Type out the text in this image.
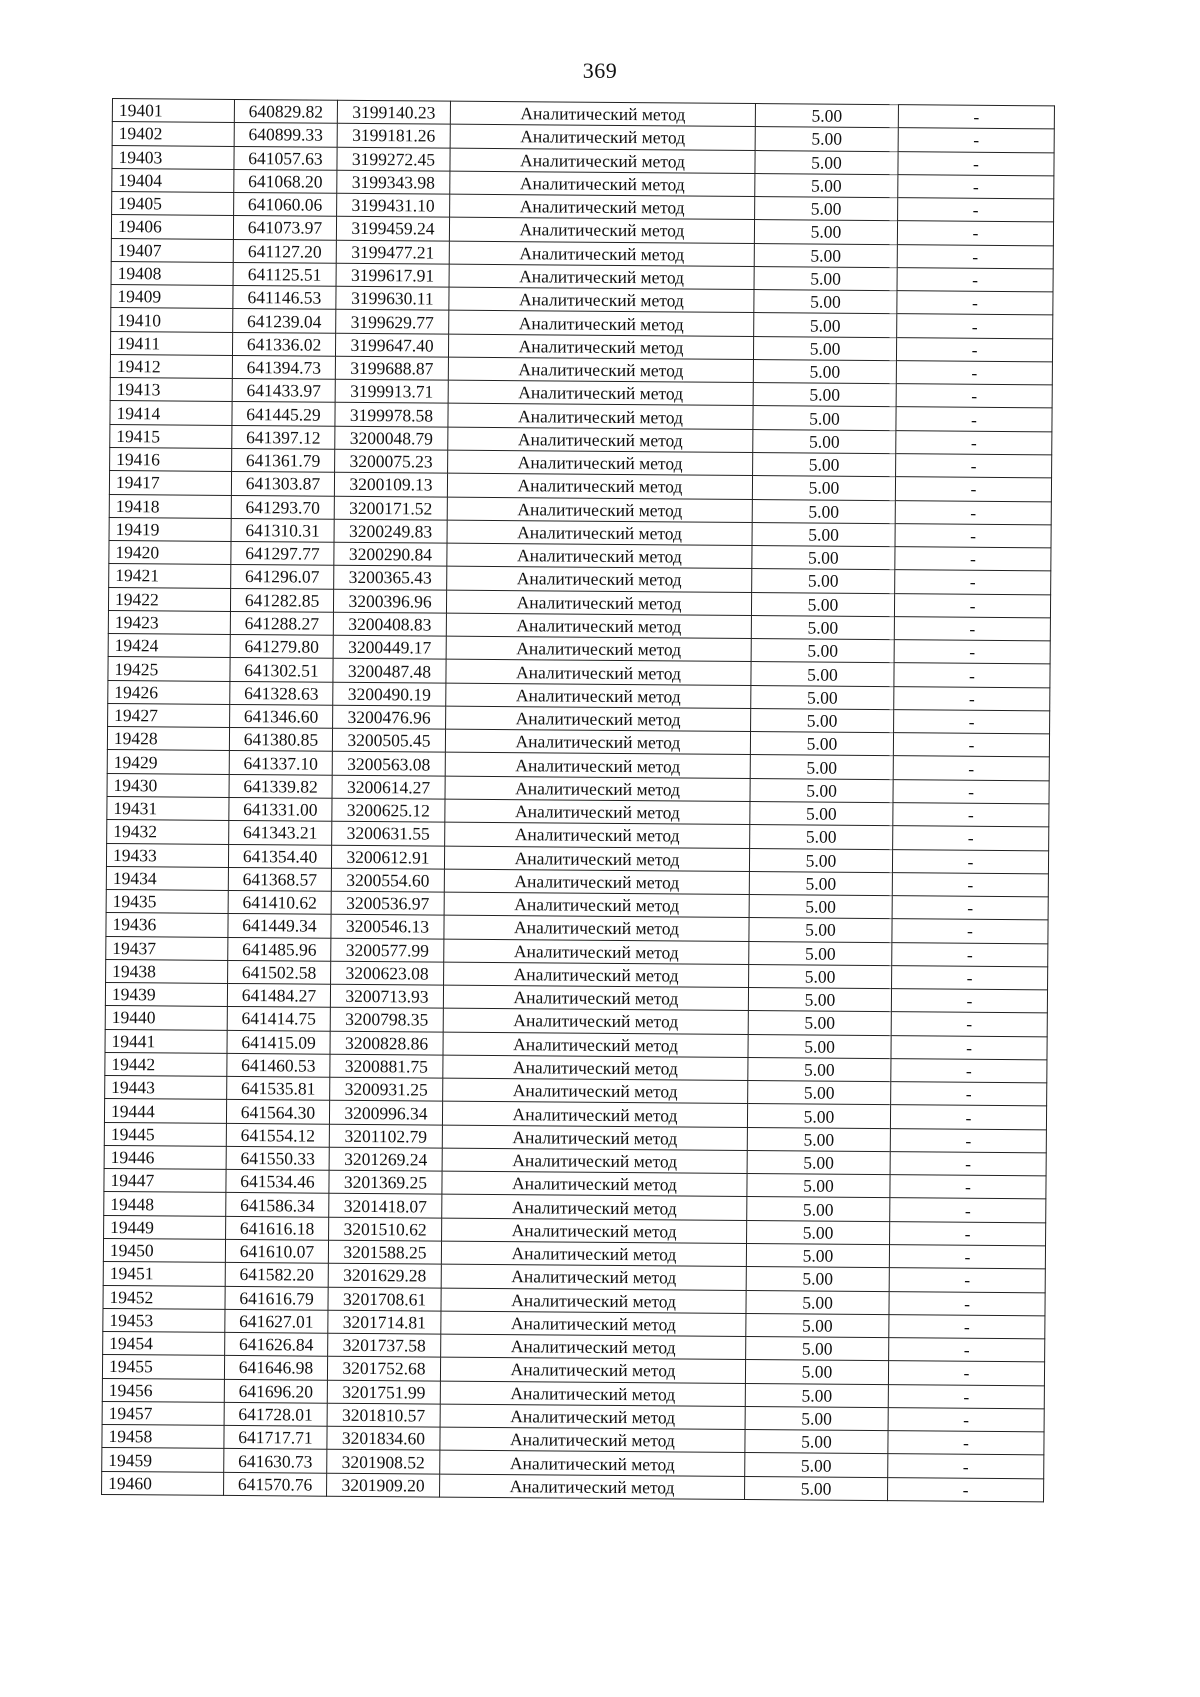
369
19401	640829.82	3199140.23	Аналитический метод	5.00	-
19402	640899.33	3199181.26	Аналитический метод	5.00	-
19403	641057.63	3199272.45	Аналитический метод	5.00	-
19404	641068.20	3199343.98	Аналитический метод	5.00	-
19405	641060.06	3199431.10	Аналитический метод	5.00	-
19406	641073.97	3199459.24	Аналитический метод	5.00	-
19407	641127.20	3199477.21	Аналитический метод	5.00	-
19408	641125.51	3199617.91	Аналитический метод	5.00	-
19409	641146.53	3199630.11	Аналитический метод	5.00	-
19410	641239.04	3199629.77	Аналитический метод	5.00	-
19411	641336.02	3199647.40	Аналитический метод	5.00	-
19412	641394.73	3199688.87	Аналитический метод	5.00	-
19413	641433.97	3199913.71	Аналитический метод	5.00	-
19414	641445.29	3199978.58	Аналитический метод	5.00	-
19415	641397.12	3200048.79	Аналитический метод	5.00	-
19416	641361.79	3200075.23	Аналитический метод	5.00	-
19417	641303.87	3200109.13	Аналитический метод	5.00	-
19418	641293.70	3200171.52	Аналитический метод	5.00	-
19419	641310.31	3200249.83	Аналитический метод	5.00	-
19420	641297.77	3200290.84	Аналитический метод	5.00	-
19421	641296.07	3200365.43	Аналитический метод	5.00	-
19422	641282.85	3200396.96	Аналитический метод	5.00	-
19423	641288.27	3200408.83	Аналитический метод	5.00	-
19424	641279.80	3200449.17	Аналитический метод	5.00	-
19425	641302.51	3200487.48	Аналитический метод	5.00	-
19426	641328.63	3200490.19	Аналитический метод	5.00	-
19427	641346.60	3200476.96	Аналитический метод	5.00	-
19428	641380.85	3200505.45	Аналитический метод	5.00	-
19429	641337.10	3200563.08	Аналитический метод	5.00	-
19430	641339.82	3200614.27	Аналитический метод	5.00	-
19431	641331.00	3200625.12	Аналитический метод	5.00	-
19432	641343.21	3200631.55	Аналитический метод	5.00	-
19433	641354.40	3200612.91	Аналитический метод	5.00	-
19434	641368.57	3200554.60	Аналитический метод	5.00	-
19435	641410.62	3200536.97	Аналитический метод	5.00	-
19436	641449.34	3200546.13	Аналитический метод	5.00	-
19437	641485.96	3200577.99	Аналитический метод	5.00	-
19438	641502.58	3200623.08	Аналитический метод	5.00	-
19439	641484.27	3200713.93	Аналитический метод	5.00	-
19440	641414.75	3200798.35	Аналитический метод	5.00	-
19441	641415.09	3200828.86	Аналитический метод	5.00	-
19442	641460.53	3200881.75	Аналитический метод	5.00	-
19443	641535.81	3200931.25	Аналитический метод	5.00	-
19444	641564.30	3200996.34	Аналитический метод	5.00	-
19445	641554.12	3201102.79	Аналитический метод	5.00	-
19446	641550.33	3201269.24	Аналитический метод	5.00	-
19447	641534.46	3201369.25	Аналитический метод	5.00	-
19448	641586.34	3201418.07	Аналитический метод	5.00	-
19449	641616.18	3201510.62	Аналитический метод	5.00	-
19450	641610.07	3201588.25	Аналитический метод	5.00	-
19451	641582.20	3201629.28	Аналитический метод	5.00	-
19452	641616.79	3201708.61	Аналитический метод	5.00	-
19453	641627.01	3201714.81	Аналитический метод	5.00	-
19454	641626.84	3201737.58	Аналитический метод	5.00	-
19455	641646.98	3201752.68	Аналитический метод	5.00	-
19456	641696.20	3201751.99	Аналитический метод	5.00	-
19457	641728.01	3201810.57	Аналитический метод	5.00	-
19458	641717.71	3201834.60	Аналитический метод	5.00	-
19459	641630.73	3201908.52	Аналитический метод	5.00	-
19460	641570.76	3201909.20	Аналитический метод	5.00	-
